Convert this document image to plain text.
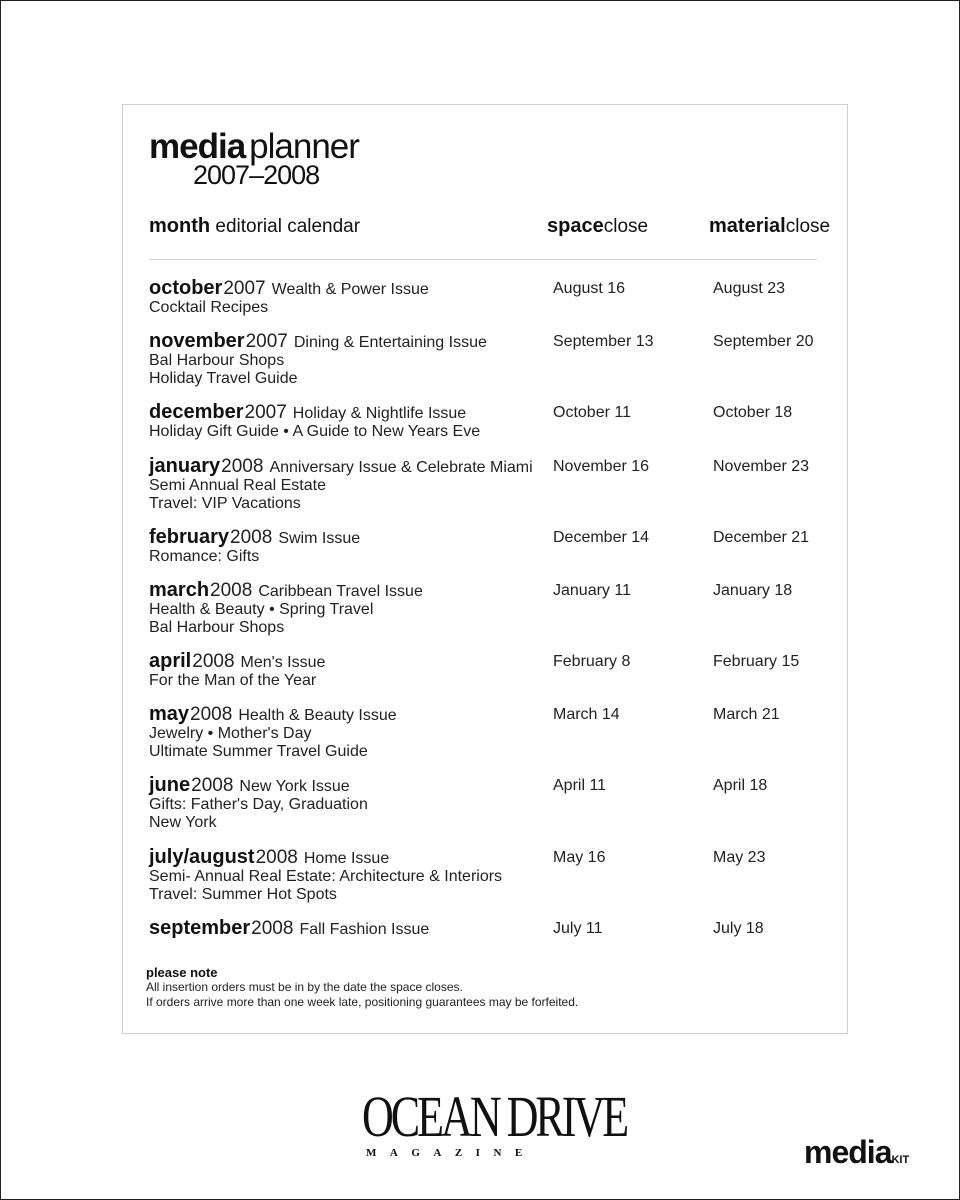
media planner
2007–2008
month editorial calendar	spaceclose	materialclose
october2007 Wealth & Power Issue
Cocktail Recipes
August 16	August 23
november2007 Dining & Entertaining Issue
Bal Harbour Shops
Holiday Travel Guide
September 13	September 20
december2007 Holiday & Nightlife Issue
Holiday Gift Guide • A Guide to New Years Eve
October 11	October 18
january2008 Anniversary Issue & Celebrate Miami
Semi Annual Real Estate
Travel: VIP Vacations
November 16	November 23
february2008 Swim Issue
Romance: Gifts
December 14	December 21
march2008 Caribbean Travel Issue
Health & Beauty • Spring Travel
Bal Harbour Shops
January 11	January 18
april2008 Men's Issue
For the Man of the Year
February 8	February 15
may2008 Health & Beauty Issue
Jewelry • Mother's Day
Ultimate Summer Travel Guide
March 14	March 21
june2008 New York Issue
Gifts: Father's Day, Graduation
New York
April 11	April 18
july/august2008 Home Issue
Semi- Annual Real Estate: Architecture & Interiors
Travel: Summer Hot Spots
May 16	May 23
september2008 Fall Fashion Issue	July 11	July 18
please note
All insertion orders must be in by the date the space closes.
If orders arrive more than one week late, positioning guarantees may be forfeited.
OCEAN DRIVE
MAGAZINE	mediaKIT
